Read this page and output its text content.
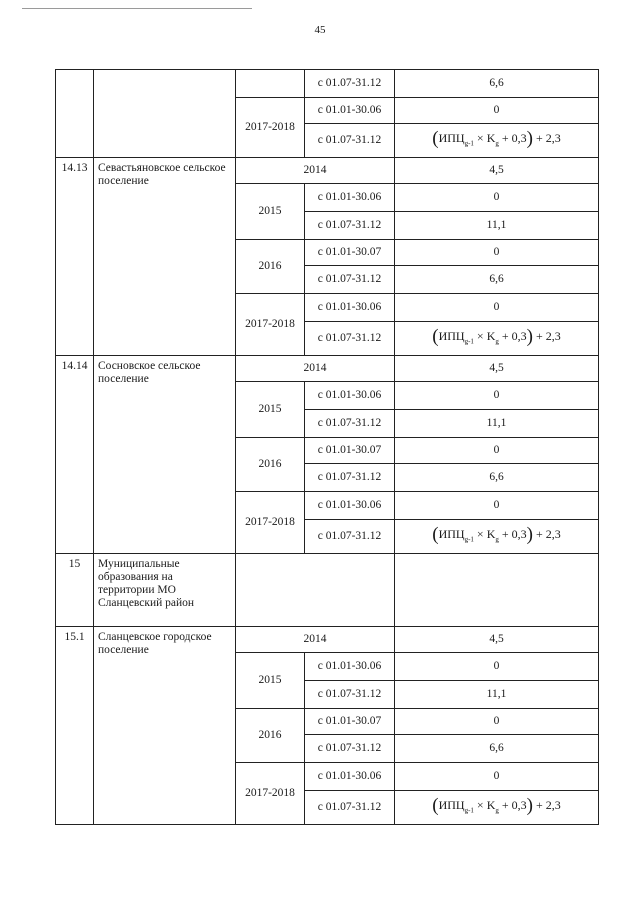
45
			с 01.07-31.12	6,6
		2017-2018	с 01.01-30.06	0
			с 01.07-31.12	$(ИПЦ_{g-1} \times K_g + 0,3) + 2,3$
14.13	Севастьяновское сельское поселение	2014		4,5
		2015	с 01.01-30.06	0
			с 01.07-31.12	11,1
		2016	с 01.01-30.07	0
			с 01.07-31.12	6,6
		2017-2018	с 01.01-30.06	0
			с 01.07-31.12	$(ИПЦ_{g-1} \times K_g + 0,3) + 2,3$
14.14	Сосновское сельское поселение	2014		4,5
		2015	с 01.01-30.06	0
			с 01.07-31.12	11,1
		2016	с 01.01-30.07	0
			с 01.07-31.12	6,6
		2017-2018	с 01.01-30.06	0
			с 01.07-31.12	$(ИПЦ_{g-1} \times K_g + 0,3) + 2,3$
15	Муниципальные образования на территории МО Сланцевский район			
15.1	Сланцевское городское поселение	2014		4,5
		2015	с 01.01-30.06	0
			с 01.07-31.12	11,1
		2016	с 01.01-30.07	0
			с 01.07-31.12	6,6
		2017-2018	с 01.01-30.06	0
			с 01.07-31.12	$(ИПЦ_{g-1} \times K_g + 0,3) + 2,3$
